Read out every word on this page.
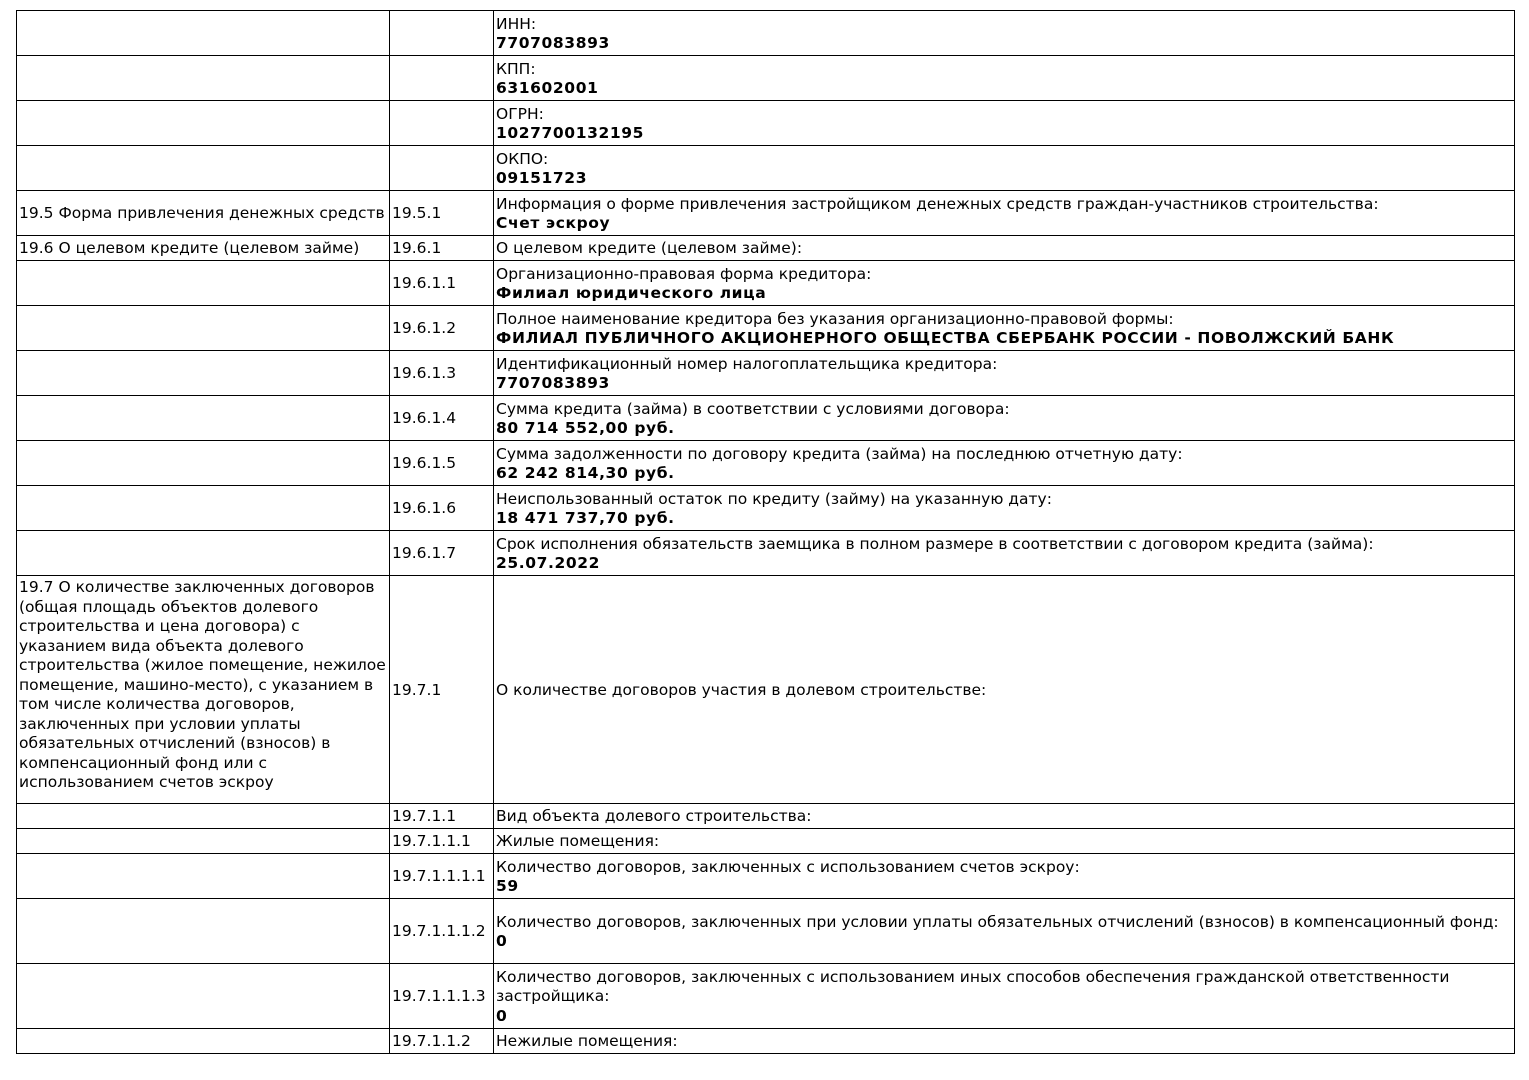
		ИНН:
7707083893

		КПП:
631602001

		ОГРН:
1027700132195

		ОКПО:
09151723

19.5 Форма привлечения денежных средств	19.5.1	Информация о форме привлечения застройщиком денежных средств граждан-участников строительства:
Счет эскроу

19.6 О целевом кредите (целевом займе)	19.6.1	О целевом кредите (целевом займе):

	19.6.1.1	Организационно-правовая форма кредитора:
Филиал юридического лица

	19.6.1.2	Полное наименование кредитора без указания организационно-правовой формы:
ФИЛИАЛ ПУБЛИЧНОГО АКЦИОНЕРНОГО ОБЩЕСТВА СБЕРБАНК РОССИИ - ПОВОЛЖСКИЙ БАНК

	19.6.1.3	Идентификационный номер налогоплательщика кредитора:
7707083893

	19.6.1.4	Сумма кредита (займа) в соответствии с условиями договора:
80 714 552,00 руб.

	19.6.1.5	Сумма задолженности по договору кредита (займа) на последнюю отчетную дату:
62 242 814,30 руб.

	19.6.1.6	Неиспользованный остаток по кредиту (займу) на указанную дату:
18 471 737,70 руб.

	19.6.1.7	Срок исполнения обязательств заемщика в полном размере в соответствии с договором кредита (займа):
25.07.2022

19.7 О количестве заключенных договоров (общая площадь объектов долевого строительства и цена договора) с указанием вида объекта долевого строительства (жилое помещение, нежилое помещение, машино-место), с указанием в том числе количества договоров, заключенных при условии уплаты обязательных отчислений (взносов) в компенсационный фонд или с использованием счетов эскроу	19.7.1	О количестве договоров участия в долевом строительстве:

	19.7.1.1	Вид объекта долевого строительства:

	19.7.1.1.1	Жилые помещения:

	19.7.1.1.1.1	Количество договоров, заключенных с использованием счетов эскроу:
59

	19.7.1.1.1.2	Количество договоров, заключенных при условии уплаты обязательных отчислений (взносов) в компенсационный фонд:
0

	19.7.1.1.1.3	Количество договоров, заключенных с использованием иных способов обеспечения гражданской ответственности застройщика:
0

	19.7.1.1.2	Нежилые помещения:
